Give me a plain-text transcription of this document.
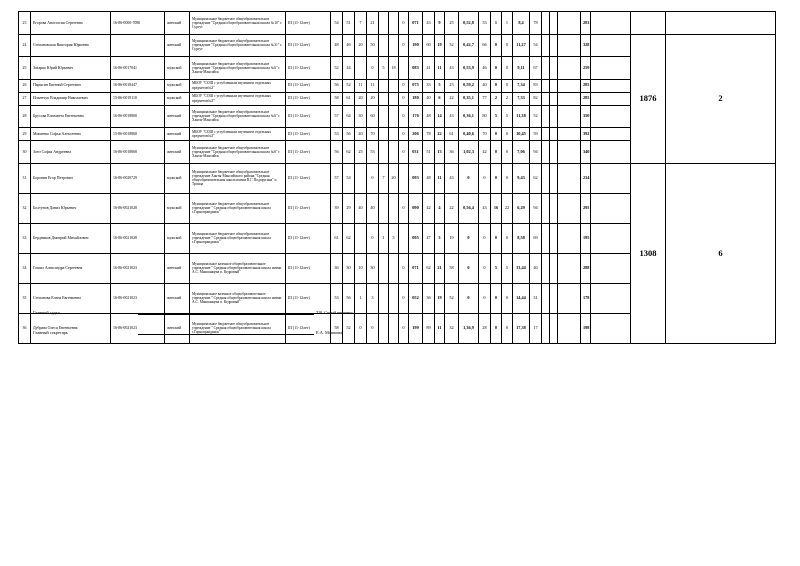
23	Егорова Анастасия Сергеевна	16-86-0000-7080	женский	Муниципальное бюджетное общеобразовательное учреждение "Средняя общеобразовательная школа №10" г. Сургут	III (11-12лет)	54	51	7	21			0	071	43	9	25	0,52,8	53	1	1	8,4	78				283			
24	Степановская Виктория Юрьевна		женский	Муниципальное бюджетное общеобразовательное учреждение "Средняя общеобразовательная школа №31" г. Сургут	III (11-12лет)	48	46	20	50			0	190	60	19	52	0,42,7	66	0	0	11,27	54				328		1876	2
25	Захарко Юрий Юрьевич	16-86-0017041	мужской	Муниципальное бюджетное общеобразовательное учреждение "Средняя общеобразовательная школа №6" г. Ханты-Мансийск	III (11-12лет)	52	44		0	5	18		083	41	11	43	0,53,9	46	0	0	9,11	67				259			
26	Парыгин Евгений Сергеевич	16-86-0018447	мужской	МБОУ "СОШ с углубленным изучением отдельных предметов№3"	III (11-12лет)	56	52	11	11			0	075	33	5	23	0,59,2	40	0	0	7,34	83				285			
27	Ильенчук Владимир Николаевич	15-86-0019110	мужской	МБОУ "СОШ с углубленным изучением отдельных предметов№3"	III (11-12лет)	58	61	20	20			0	180	40	6	22	0,35,1	77	2	2	7,33	82				285			
28	Брусова Елизавета Евгеньевна	16-86-0018868	женский	Муниципальное бюджетное общеобразовательное учреждение "Средняя общеобразовательная школа №6" г. Ханты-Мансийск	III (11-12лет)	57	64	30	60			0	176	48	14	43	0,36,1	80	5	5	11,38	52				350			
29	Мишенко Софья Алексеевна	15-86-0018868	женский	МБОУ "СОШ с углубленным изучением отдельных предметов№3"	III (11-12лет)	53	56	40	70			0	206	78	22	61	0,40,6	70	0	0	10,45	59				392			
30	Зотп Софья Андреевна	16-86-0018868	женский	Муниципальное бюджетное общеобразовательное учреждение "Средняя общеобразовательная школа №6" г. Ханты-Мансийск	III (11-12лет)	56	62	25	53			0	031	51	13	36	1,02,3	42	0	0	7,06	94				340			
31	Боровин Егор Петрович	16-86-0020729	мужской	Муниципальное бюджетное общеобразовательное учреждение Ханты-Мансийского района "Средняя общеобразовательная школа имени В.Г. Подпругина" п. Троица	III (11-12лет)	57	54		0	7	20		093	48	11	43	0	0	0	0	9,43	62				234		1308	6
32	Болтунов Данил Юрьевич	16-86-0021028	мужской	Муниципальное бюджетное общеобразовательное учреждение " Средняя общеобразовательная школа г.Горноправдинск"	III (11-12лет)	39	29	40	40			0	090	42	4	22	0,56,4	43	16	22	6,29	94				295			
33	Бердников Дмитрий Михайлович	16-86-0021028	мужской	Муниципальное бюджетное общеобразовательное учреждение " Средняя общеобразовательная школа г.Горноправдинск"	III (11-12лет)	61	62		0	1	5		095	47	3	19	0	0	0	0	8,58	69				195			
34	Гашил Александра Сергеевна	16-86-0021023	женский	Муниципальное казенное общеобразовательное учреждение " Средняя общеобразовательная школа имени А.С. Макшанцева п. Кедровый"	III (11-12лет)	36	30	10	30			0	071	62	21	58	0	0	5	5	13,44	40				288			
35	Степанова Елена Евгеньевна	16-86-0021023	женский	Муниципальное казенное общеобразовательное учреждение " Средняя общеобразовательная школа имени А.С. Макшанцева п. Кедровый"	III (11-12лет)	53	56	1	3			0	052	36	19	52	0	0	0	0	14,44	31				178			
36	Дубрава Олеся Евгеньевна	16-86-0021023	женский	Муниципальное бюджетное общеобразовательное учреждение " Средняя общеобразовательная школа г.Горноправдинск"	III (11-12лет)	58	52	0	0			0	199	89	11	32	1,36,9	28	0	0	17,38	17				198			
Главный судья	Т.В. Симайленченко
Главный секретарь	Е.А. Мошкова
